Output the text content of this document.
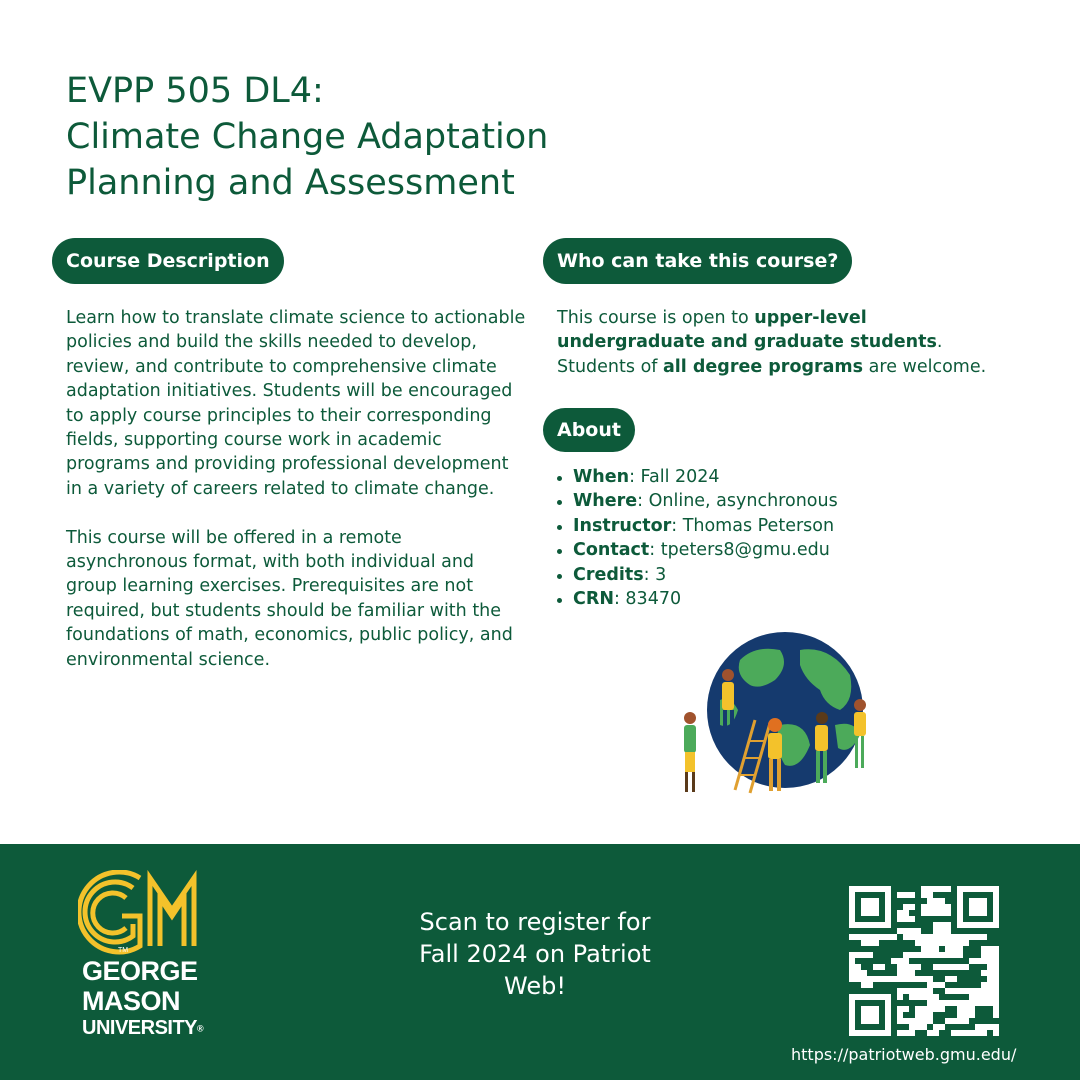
EVPP 505 DL4:
Climate Change Adaptation
Planning and Assessment
Course Description

Learn how to translate climate science to actionable policies and build the skills needed to develop, review, and contribute to comprehensive climate adaptation initiatives. Students will be encouraged to apply course principles to their corresponding fields, supporting course work in academic programs and providing professional development in a variety of careers related to climate change.

This course will be offered in a remote asynchronous format, with both individual and group learning exercises. Prerequisites are not required, but students should be familiar with the foundations of math, economics, public policy, and environmental science.

Who can take this course?

This course is open to upper-level undergraduate and graduate students. Students of all degree programs are welcome.

About
When: Fall 2024
Where: Online, asynchronous
Instructor: Thomas Peterson
Contact: tpeters8@gmu.edu
Credits: 3
CRN: 83470
TM
GEORGE
MASON
UNIVERSITY®
Scan to register for
Fall 2024 on Patriot
Web!
https://patriotweb.gmu.edu/
